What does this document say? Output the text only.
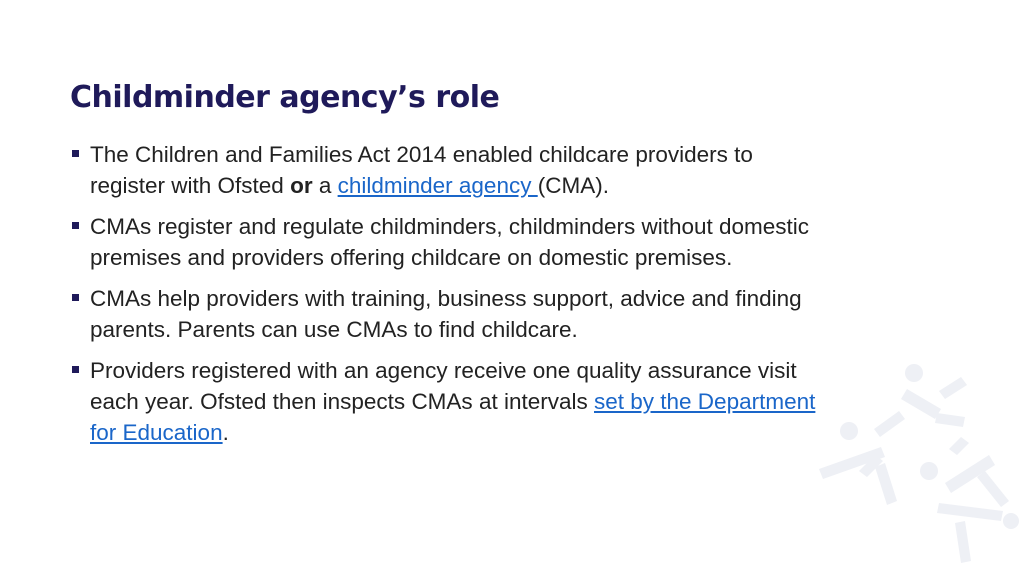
Childminder agency’s role
The Children and Families Act 2014 enabled childcare providers to register with Ofsted or a childminder agency (CMA).
CMAs register and regulate childminders, childminders without domestic premises and providers offering childcare on domestic premises.
CMAs help providers with training, business support, advice and finding parents. Parents can use CMAs to find childcare.
Providers registered with an agency receive one quality assurance visit each year. Ofsted then inspects CMAs at intervals set by the Department for Education.
